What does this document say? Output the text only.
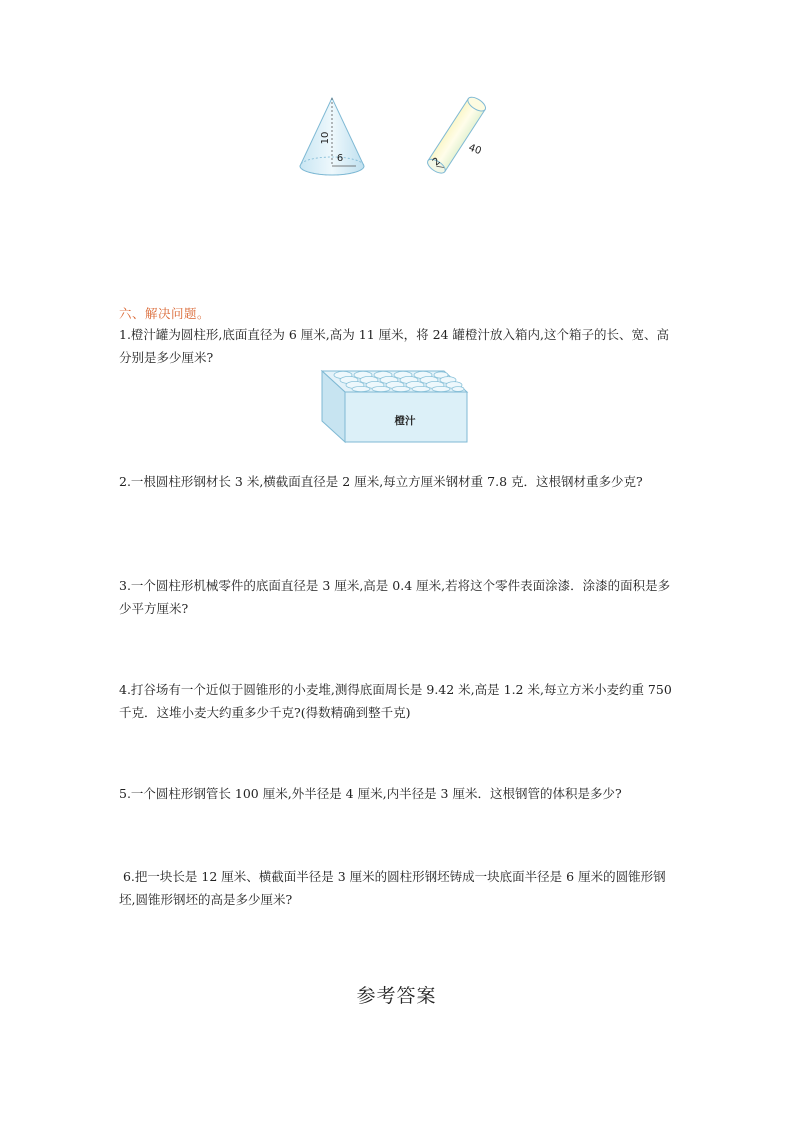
10
6
40
2
六、解决问题。
1.橙汁罐为圆柱形,底面直径为 6 厘米,高为 11 厘米，将 24 罐橙汁放入箱内,这个箱子的长、宽、高分别是多少厘米?
橙汁
2.一根圆柱形钢材长 3 米,横截面直径是 2 厘米,每立方厘米钢材重 7.8 克．这根钢材重多少克?
3.一个圆柱形机械零件的底面直径是 3 厘米,高是 0.4 厘米,若将这个零件表面涂漆．涂漆的面积是多少平方厘米?
4.打谷场有一个近似于圆锥形的小麦堆,测得底面周长是 9.42 米,高是 1.2 米,每立方米小麦约重 750 千克．这堆小麦大约重多少千克?(得数精确到整千克)
5.一个圆柱形钢管长 100 厘米,外半径是 4 厘米,内半径是 3 厘米．这根钢管的体积是多少?
6.把一块长是 12 厘米、横截面半径是 3 厘米的圆柱形钢坯铸成一块底面半径是 6 厘米的圆锥形钢坯,圆锥形钢坯的高是多少厘米?
参考答案
